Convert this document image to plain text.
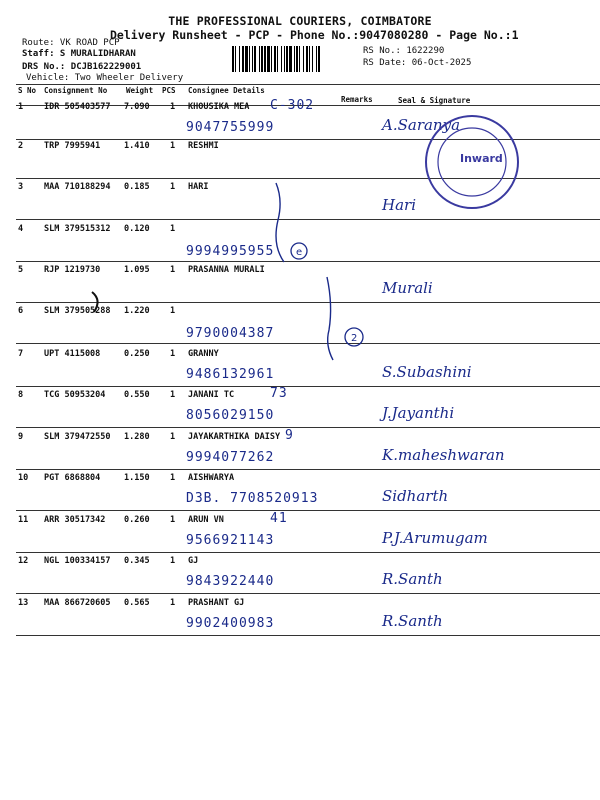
THE PROFESSIONAL COURIERS, COIMBATORE
Delivery Runsheet - PCP - Phone No.:9047080280 - Page No.:1
Route: VK ROAD PCP
Staff: S MURALIDHARAN
DRS No.: DCJB162229001
Vehicle: Two Wheeler Delivery
RS No.: 1622290
RS Date: 06-Oct-2025
S No Consignment No	Weight PCS Consignee Details
Remarks	Seal & Signature
1 IDR 505403577 7.090 1 KHOUSIKA MEA C-302
9047755999	A.Saranya
2 TRP 7995941	1.410 1 RESHMI
3 MAA 710188294 0.185 1 HARI
Hari
4 SLM 379515312 0.120 1
9994995955
5 RJP 1219730	1.095 1 PRASANNA MURALI
Murali
6 SLM 379505288 1.220 1
9790004387
7 UPT 4115008	0.250 1 GRANNY
9486132961	S.Subashini
8 TCG 50953204 0.550 1 JANANI TC	73
8056029150	J.Jayanthi
9 SLM 379472550 1.280 1 JAYAKARTHIKA DAISY 9
9994077262	K.maheshwaran
10 PGT 6868804	1.150 1 AISHWARYA
D3B. 7708520913	Sidharth
11 ARR 30517342 0.260 1 ARUN VN	41
9566921143	P.J.Arumugam
12 NGL 100334157 0.345 1 GJ
9843922440	R.Santh
13 MAA 866720605 0.565 1 PRASHANT GJ
9902400983	R.Santh
Inward
e
2
